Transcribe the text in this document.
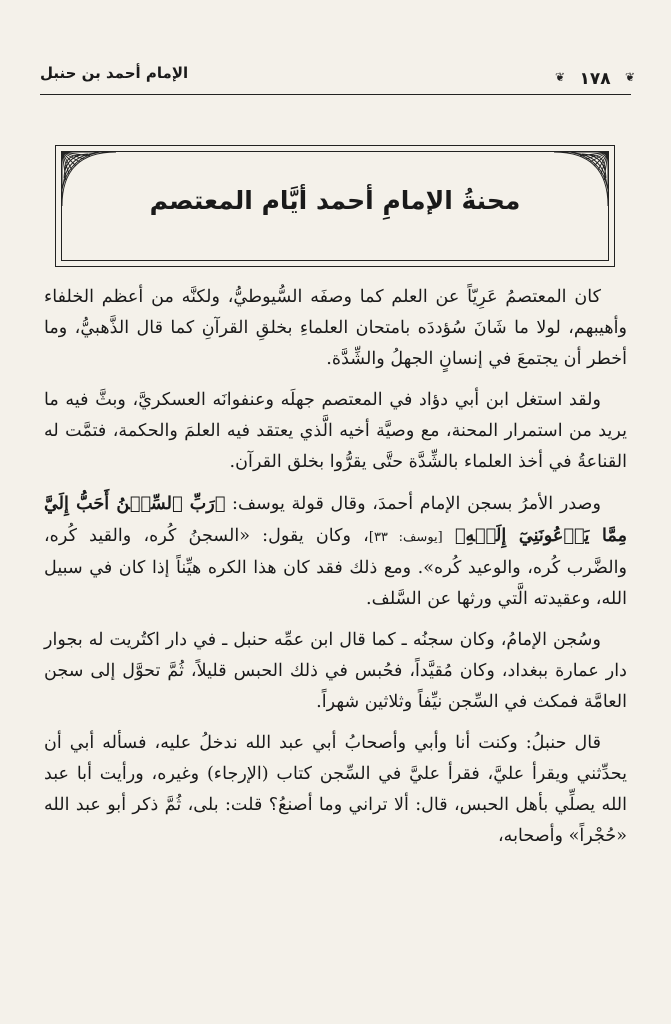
❦
١٧٨
❦
الإمام أحمد بن حنبل
محنةُ الإمامِ أحمد أيَّام المعتصم

كان المعتصمُ عَرِيّاً عن العلم كما وصفَه السُّيوطيُّ، ولكنَّه من أعظم الخلفاء وأهيبهم، لولا ما شَانَ سُؤددَه بامتحان العلماءِ بخلقِ القرآنِ كما قال الذَّهبيُّ، وما أخطر أن يجتمعَ في إنسانٍ الجهلُ والشِّدَّة.

ولقد استغل ابن أبي دؤاد في المعتصم جهلَه وعنفوانَه العسكريَّ، وبثَّ فيه ما يريد من استمرار المحنة، مع وصيَّة أخيه الَّذي يعتقد فيه العلمَ والحكمة، فتمَّت له القناعةُ في أخذ العلماء بالشِّدَّة حتَّى يقرُّوا بخلق القرآن.

وصدر الأمرُ بسجن الإمام أحمدَ، وقال قولة يوسف: ﴿رَبِّ ٱلسِّجۡنُ أَحَبُّ إِلَيَّ مِمَّا يَدۡعُونَنِيٓ إِلَيۡهِ﴾ [يوسف: ٣٣]، وكان يقول: «السجنُ كُره، والقيد كُره، والضَّرب كُره، والوعيد كُره». ومع ذلك فقد كان هذا الكره هيِّناً إذا كان في سبيل الله، وعقيدته الَّتي ورثها عن السَّلف.

وسُجن الإمامُ، وكان سجنُه ـ كما قال ابن عمِّه حنبل ـ في دار اكتُريت له بجوار دار عمارة ببغداد، وكان مُقيَّداً، فحُبس في ذلك الحبس قليلاً، ثُمَّ تحوَّل إلى سجن العامَّة فمكث في السِّجن نيِّفاً وثلاثين شهراً.

قال حنبلُ: وكنت أنا وأبي وأصحابُ أبي عبد الله ندخلُ عليه، فسأله أبي أن يحدِّثني ويقرأ عليَّ، فقرأ عليَّ في السِّجن كتاب (الإرجاء) وغيره، ورأيت أبا عبد الله يصلِّي بأهل الحبس، قال: ألا تراني وما أصنعُ؟ قلت: بلى، ثُمَّ ذكر أبو عبد الله «حُجْراً» وأصحابه،
